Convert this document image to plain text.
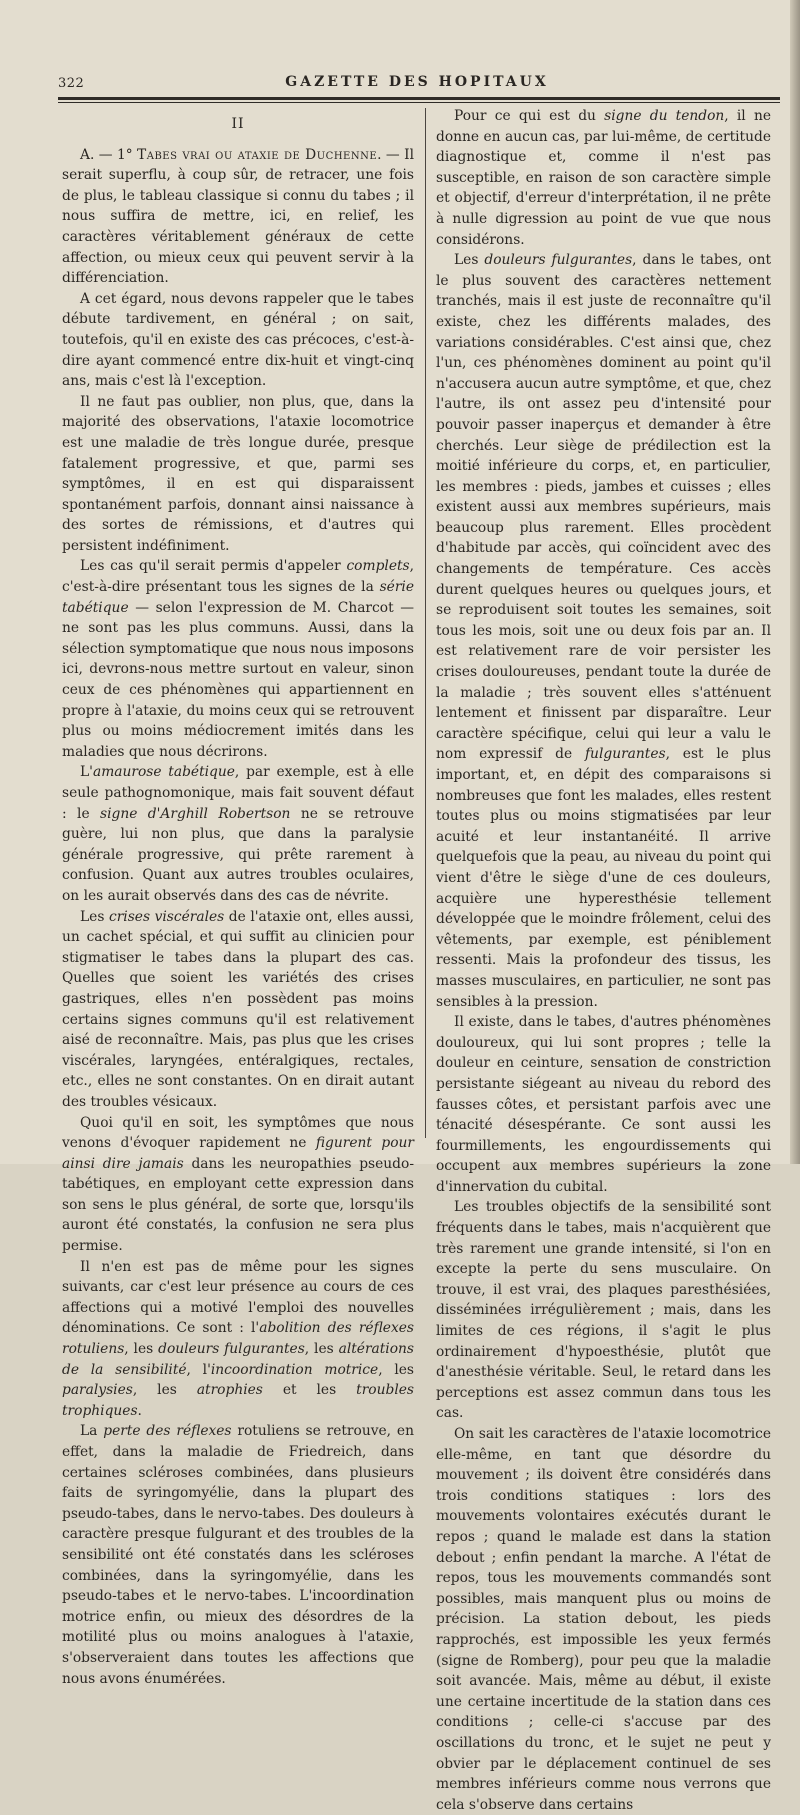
322	GAZETTE DES HOPITAUX
II

A. — 1° Tabes vrai ou ataxie de Duchenne. — Il serait superflu, à coup sûr, de retracer, une fois de plus, le tableau classique si connu du tabes ; il nous suffira de mettre, ici, en relief, les caractères véritablement généraux de cette affection, ou mieux ceux qui peuvent servir à la différenciation.

A cet égard, nous devons rappeler que le tabes débute tardivement, en général ; on sait, toutefois, qu'il en existe des cas précoces, c'est-à-dire ayant commencé entre dix-huit et vingt-cinq ans, mais c'est là l'exception.

Il ne faut pas oublier, non plus, que, dans la majorité des observations, l'ataxie locomotrice est une maladie de très longue durée, presque fatalement progressive, et que, parmi ses symptômes, il en est qui disparaissent spontanément parfois, donnant ainsi naissance à des sortes de rémissions, et d'autres qui persistent indéfiniment.

Les cas qu'il serait permis d'appeler complets, c'est-à-dire présentant tous les signes de la série tabétique — selon l'expression de M. Charcot — ne sont pas les plus communs. Aussi, dans la sélection symptomatique que nous nous imposons ici, devrons-nous mettre surtout en valeur, sinon ceux de ces phénomènes qui appartiennent en propre à l'ataxie, du moins ceux qui se retrouvent plus ou moins médiocrement imités dans les maladies que nous décrirons.

L'amaurose tabétique, par exemple, est à elle seule pathognomonique, mais fait souvent défaut : le signe d'Arghill Robertson ne se retrouve guère, lui non plus, que dans la paralysie générale progressive, qui prête rarement à confusion. Quant aux autres troubles oculaires, on les aurait observés dans des cas de névrite.

Les crises viscérales de l'ataxie ont, elles aussi, un cachet spécial, et qui suffit au clinicien pour stigmatiser le tabes dans la plupart des cas. Quelles que soient les variétés des crises gastriques, elles n'en possèdent pas moins certains signes communs qu'il est relativement aisé de reconnaître. Mais, pas plus que les crises viscérales, laryngées, entéralgiques, rectales, etc., elles ne sont constantes. On en dirait autant des troubles vésicaux.

Quoi qu'il en soit, les symptômes que nous venons d'évoquer rapidement ne figurent pour ainsi dire jamais dans les neuropathies pseudo-tabétiques, en employant cette expression dans son sens le plus général, de sorte que, lorsqu'ils auront été constatés, la confusion ne sera plus permise.

Il n'en est pas de même pour les signes suivants, car c'est leur présence au cours de ces affections qui a motivé l'emploi des nouvelles dénominations. Ce sont : l'abolition des réflexes rotuliens, les douleurs fulgurantes, les altérations de la sensibilité, l'incoordination motrice, les paralysies, les atrophies et les troubles trophiques.

La perte des réflexes rotuliens se retrouve, en effet, dans la maladie de Friedreich, dans certaines scléroses combinées, dans plusieurs faits de syringomyélie, dans la plupart des pseudo-tabes, dans le nervo-tabes. Des douleurs à caractère presque fulgurant et des troubles de la sensibilité ont été constatés dans les scléroses combinées, dans la syringomyélie, dans les pseudo-tabes et le nervo-tabes. L'incoordination motrice enfin, ou mieux des désordres de la motilité plus ou moins analogues à l'ataxie, s'observeraient dans toutes les affections que nous avons énumérées.

Pour ce qui est du signe du tendon, il ne donne en aucun cas, par lui-même, de certitude diagnostique et, comme il n'est pas susceptible, en raison de son caractère simple et objectif, d'erreur d'interprétation, il ne prête à nulle digression au point de vue que nous considérons.

Les douleurs fulgurantes, dans le tabes, ont le plus souvent des caractères nettement tranchés, mais il est juste de reconnaître qu'il existe, chez les différents malades, des variations considérables. C'est ainsi que, chez l'un, ces phénomènes dominent au point qu'il n'accusera aucun autre symptôme, et que, chez l'autre, ils ont assez peu d'intensité pour pouvoir passer inaperçus et demander à être cherchés. Leur siège de prédilection est la moitié inférieure du corps, et, en particulier, les membres : pieds, jambes et cuisses ; elles existent aussi aux membres supérieurs, mais beaucoup plus rarement. Elles procèdent d'habitude par accès, qui coïncident avec des changements de température. Ces accès durent quelques heures ou quelques jours, et se reproduisent soit toutes les semaines, soit tous les mois, soit une ou deux fois par an. Il est relativement rare de voir persister les crises douloureuses, pendant toute la durée de la maladie ; très souvent elles s'atténuent lentement et finissent par disparaître. Leur caractère spécifique, celui qui leur a valu le nom expressif de fulgurantes, est le plus important, et, en dépit des comparaisons si nombreuses que font les malades, elles restent toutes plus ou moins stigmatisées par leur acuité et leur instantanéité. Il arrive quelquefois que la peau, au niveau du point qui vient d'être le siège d'une de ces douleurs, acquière une hyperesthésie tellement développée que le moindre frôlement, celui des vêtements, par exemple, est péniblement ressenti. Mais la profondeur des tissus, les masses musculaires, en particulier, ne sont pas sensibles à la pression.

Il existe, dans le tabes, d'autres phénomènes douloureux, qui lui sont propres ; telle la douleur en ceinture, sensation de constriction persistante siégeant au niveau du rebord des fausses côtes, et persistant parfois avec une ténacité désespérante. Ce sont aussi les fourmillements, les engourdissements qui occupent aux membres supérieurs la zone d'innervation du cubital.

Les troubles objectifs de la sensibilité sont fréquents dans le tabes, mais n'acquièrent que très rarement une grande intensité, si l'on en excepte la perte du sens musculaire. On trouve, il est vrai, des plaques paresthésiées, disséminées irrégulièrement ; mais, dans les limites de ces régions, il s'agit le plus ordinairement d'hypoesthésie, plutôt que d'anesthésie véritable. Seul, le retard dans les perceptions est assez commun dans tous les cas.

On sait les caractères de l'ataxie locomotrice elle-même, en tant que désordre du mouvement ; ils doivent être considérés dans trois conditions statiques : lors des mouvements volontaires exécutés durant le repos ; quand le malade est dans la station debout ; enfin pendant la marche. A l'état de repos, tous les mouvements commandés sont possibles, mais manquent plus ou moins de précision. La station debout, les pieds rapprochés, est impossible les yeux fermés (signe de Romberg), pour peu que la maladie soit avancée. Mais, même au début, il existe une certaine incertitude de la station dans ces conditions ; celle-ci s'accuse par des oscillations du tronc, et le sujet ne peut y obvier par le déplacement continuel de ses membres inférieurs comme nous verrons que cela s'observe dans certains
